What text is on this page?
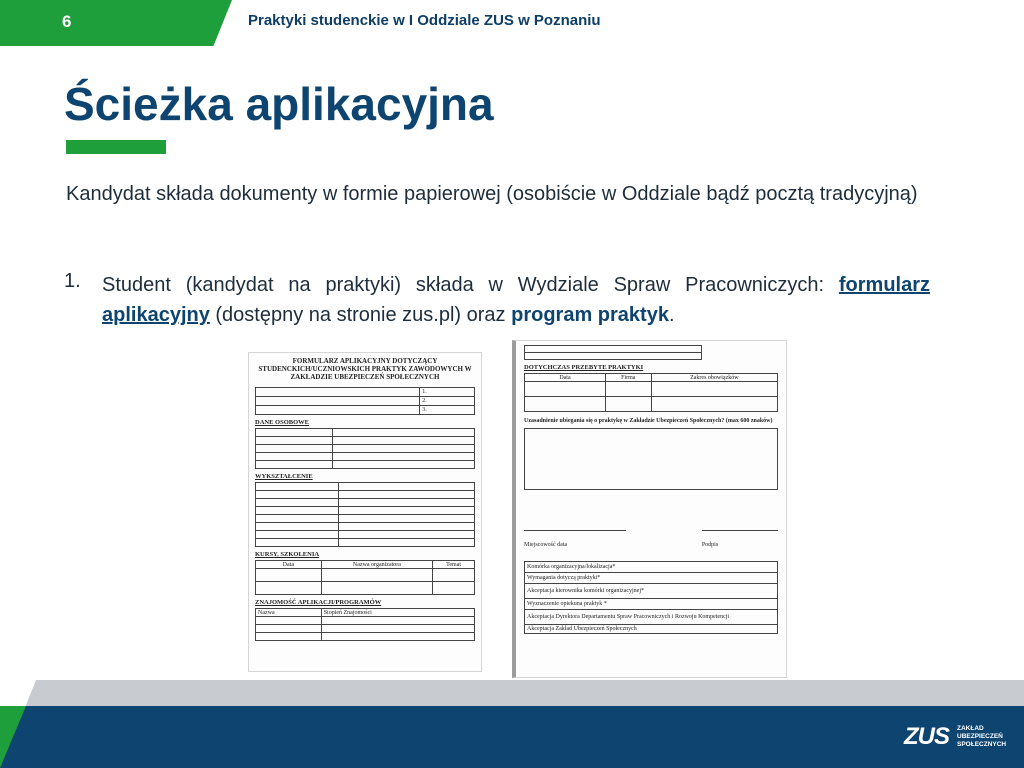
6	Praktyki studenckie w I Oddziale ZUS w Poznaniu
Ścieżka aplikacyjna
Kandydat składa dokumenty w formie papierowej (osobiście w Oddziale bądź pocztą tradycyjną)
1. Student (kandydat na praktyki) składa w Wydziale Spraw Pracowniczych: formularz aplikacyjny (dostępny na stronie zus.pl) oraz program praktyk.
FORMULARZ APLIKACYJNY DOTYCZĄCY STUDENCKICH/UCZNIOWSKICH PRAKTYK ZAWODOWYCH W ZAKŁADZIE UBEZPIECZEŃ SPOŁECZNYCH
	1.
	2.
	3.
DANE OSOBOWE

WYKSZTAŁCENIE

KURSY, SZKOLENIA
Data	Nazwa organizatora	Temat

ZNAJOMOŚĆ APLIKACJI/PROGRAMÓW
Nazwa	Stopień Znajomości

DOTYCHCZAS PRZEBYTE PRAKTYKI
Data	Firma	Zakres obowiązków

Uzasadnienie ubiegania się o praktykę w Zakładzie Ubezpieczeń Społecznych? (max 600 znaków)
Miejscowość data	Podpis
Komórka organizacyjna/lokalizacja*
Wymagania dotyczą praktyki*
Akceptacja kierownika komórki organizacyjnej*
Wyznaczenie opiekuna praktyk *
Akceptacja Dyrektora Departamentu Spraw Pracowniczych i Rozwoju Kompetencji
Akceptacja Zakład Ubezpieczeń Społecznych
ZUS ZAKŁAD
UBEZPIECZEŃ
SPOŁECZNYCH
